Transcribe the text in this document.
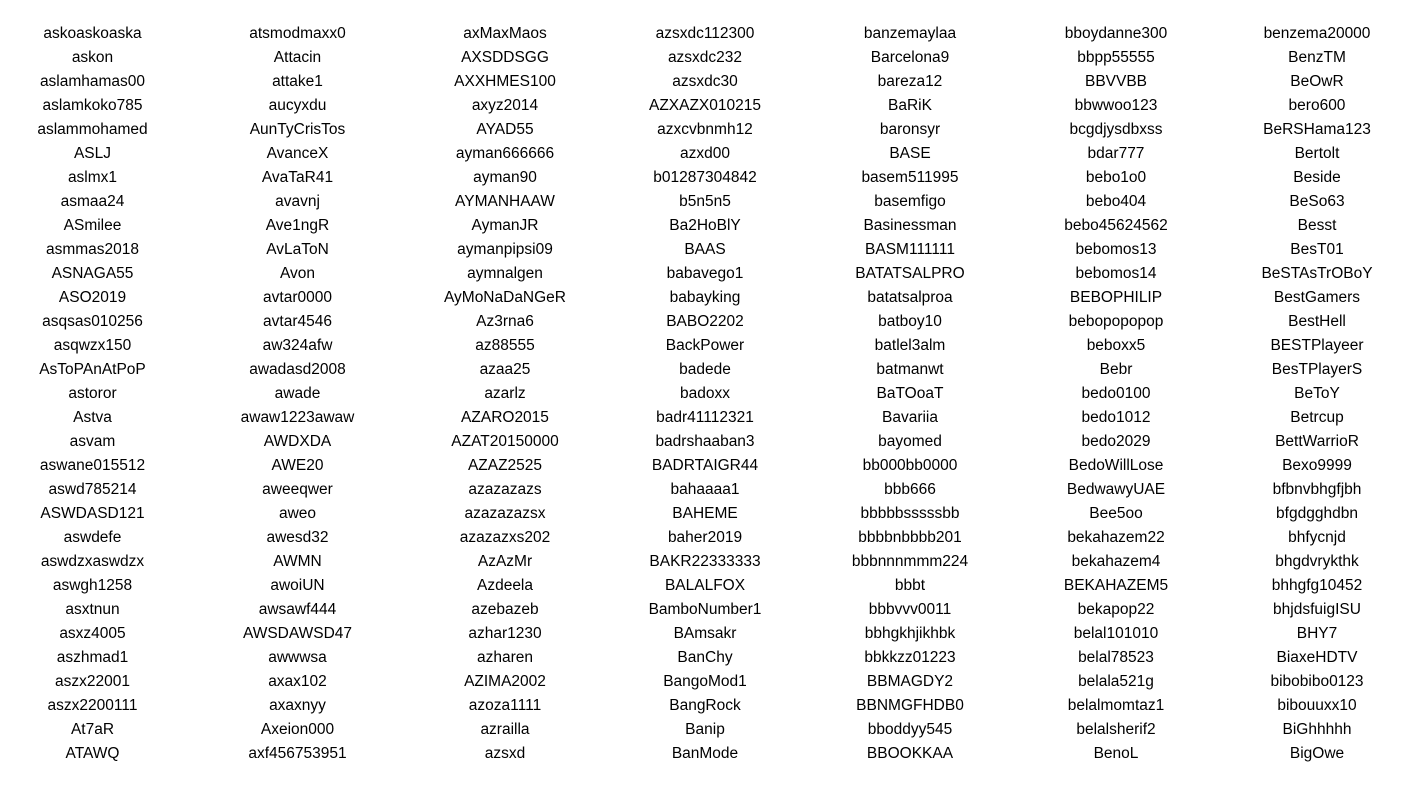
askoaskoaska
askon
aslamhamas00
aslamkoko785
aslammohamed
ASLJ
aslmx1
asmaa24
ASmilee
asmmas2018
ASNAGA55
ASO2019
asqsas010256
asqwzx150
AsToPAnAtPoP
astoror
Astva
asvam
aswane015512
aswd785214
ASWDASD121
aswdefe
aswdzxaswdzx
aswgh1258
asxtnun
asxz4005
aszhmad1
aszx22001
aszx2200111
At7aR
ATAWQ
atsmodmaxx0
Attacin
attake1
aucyxdu
AunTyCrisTos
AvanceX
AvaTaR41
avavnj
Ave1ngR
AvLaToN
Avon
avtar0000
avtar4546
aw324afw
awadasd2008
awade
awaw1223awaw
AWDXDA
AWE20
aweeqwer
aweo
awesd32
AWMN
awoiUN
awsawf444
AWSDAWSD47
awwwsa
axax102
axaxnyy
Axeion000
axf456753951
axMaxMaos
AXSDDSGG
AXXHMES100
axyz2014
AYAD55
ayman666666
ayman90
AYMANHAAW
AymanJR
aymanpipsi09
aymnalgen
AyMoNaDaNGeR
Az3rna6
az88555
azaa25
azarlz
AZARO2015
AZAT20150000
AZAZ2525
azazazazs
azazazazsx
azazazxs202
AzAzMr
Azdeela
azebazeb
azhar1230
azharen
AZIMA2002
azoza1111
azrailla
azsxd
azsxdc112300
azsxdc232
azsxdc30
AZXAZX010215
azxcvbnmh12
azxd00
b01287304842
b5n5n5
Ba2HoBlY
BAAS
babavego1
babayking
BABO2202
BackPower
badede
badoxx
badr41112321
badrshaaban3
BADRTAIGR44
bahaaaa1
BAHEME
baher2019
BAKR22333333
BALALFOX
BamboNumber1
BAmsakr
BanChy
BangoMod1
BangRock
Banip
BanMode
banzemaylaa
Barcelona9
bareza12
BaRiK
baronsyr
BASE
basem511995
basemfigo
Basinessman
BASM111111
BATATSALPRO
batatsalproa
batboy10
batlel3alm
batmanwt
BaTOoaT
Bavariia
bayomed
bb000bb0000
bbb666
bbbbbsssssbb
bbbbnbbbb201
bbbnnnmmm224
bbbt
bbbvvv0011
bbhgkhjikhbk
bbkkzz01223
BBMAGDY2
BBNMGFHDB0
bboddyy545
BBOOKKAA
bboydanne300
bbpp55555
BBVVBB
bbwwoo123
bcgdjysdbxss
bdar777
bebo1o0
bebo404
bebo45624562
bebomos13
bebomos14
BEBOPHILIP
bebopopopop
beboxx5
Bebr
bedo0100
bedo1012
bedo2029
BedoWillLose
BedwawyUAE
Bee5oo
bekahazem22
bekahazem4
BEKAHAZEM5
bekapop22
belal101010
belal78523
belala521g
belalmomtaz1
belalsherif2
BenoL
benzema20000
BenzTM
BeOwR
bero600
BeRSHama123
Bertolt
Beside
BeSo63
Besst
BesT01
BeSTAsTrOBoY
BestGamers
BestHell
BESTPlayeer
BesTPlayerS
BeToY
Betrcup
BettWarrioR
Bexo9999
bfbnvbhgfjbh
bfgdgghdbn
bhfycnjd
bhgdvrykthk
bhhgfg10452
bhjdsfuigISU
BHY7
BiaxeHDTV
bibobibo0123
bibouuxx10
BiGhhhhh
BigOwe
